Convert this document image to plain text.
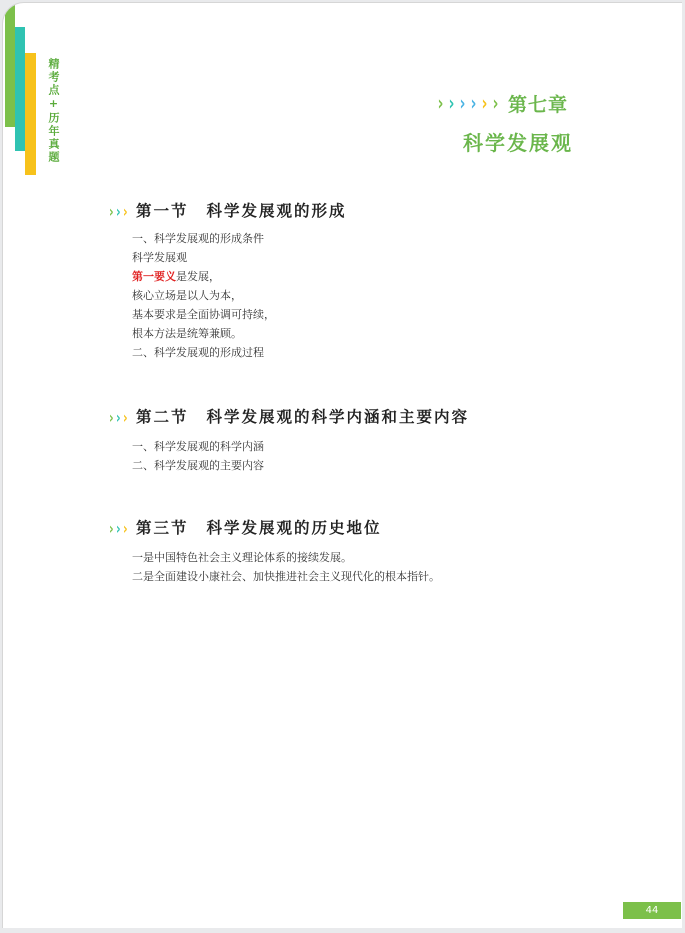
精考点+历年真题	› › › › › › 第七章
科学发展观
› › › 第一节 科学发展观的形成
一、科学发展观的形成条件
科学发展观
第一要义是发展，
核心立场是以人为本，
基本要求是全面协调可持续，
根本方法是统筹兼顾。
二、科学发展观的形成过程
› › › 第二节 科学发展观的科学内涵和主要内容
一、科学发展观的科学内涵
二、科学发展观的主要内容
› › › 第三节 科学发展观的历史地位
一是中国特色社会主义理论体系的接续发展。
二是全面建设小康社会、加快推进社会主义现代化的根本指针。
44
